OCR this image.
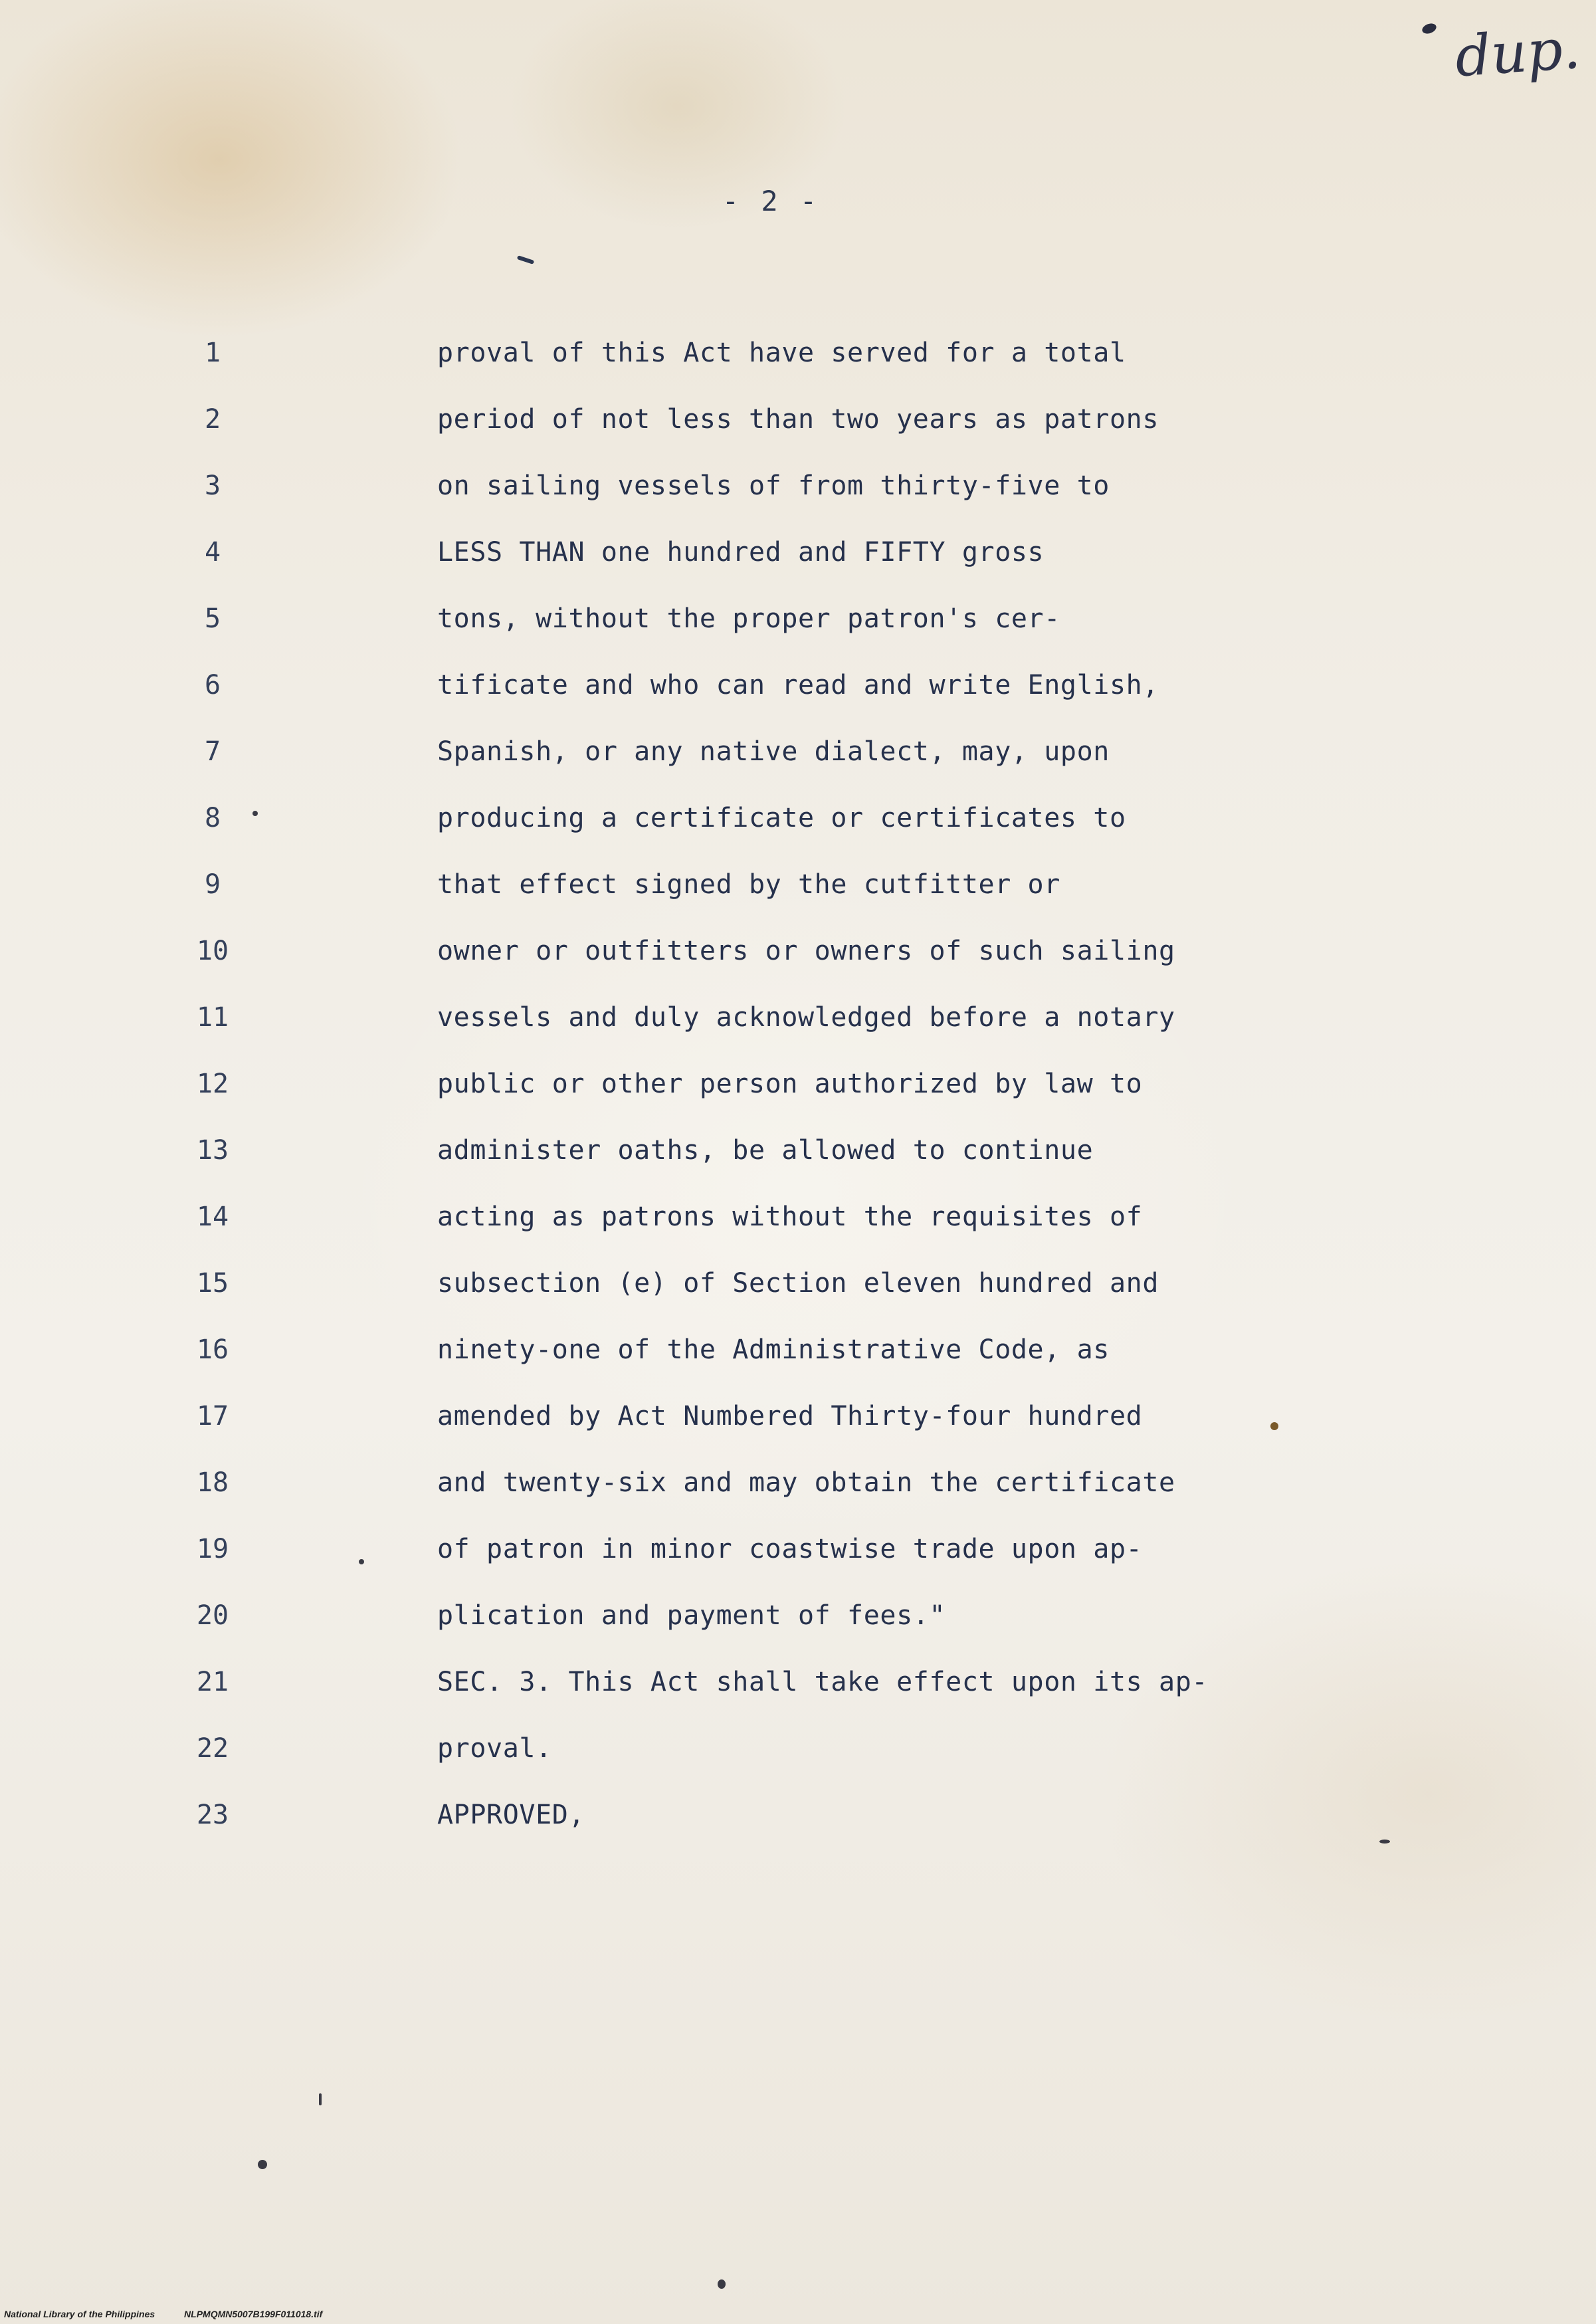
dup.
- 2 -
1	proval of this Act have served for a total
2	period of not less than two years as patrons
3	on sailing vessels of from thirty-five to
4	LESS THAN one hundred and FIFTY gross
5	tons, without the proper patron's cer-
6	tificate and who can read and write English,
7	Spanish, or any native dialect, may, upon
8	producing a certificate or certificates to
9	that effect signed by the cutfitter or
10	owner or outfitters or owners of such sailing
11	vessels and duly acknowledged before a notary
12	public or other person authorized by law to
13	administer oaths, be allowed to continue
14	acting as patrons without the requisites of
15	subsection (e) of Section eleven hundred and
16	ninety-one of the Administrative Code, as
17	amended by Act Numbered Thirty-four hundred
18	and twenty-six and may obtain the certificate
19	of patron in minor coastwise trade upon ap-
20	plication and payment of fees."
21	SEC. 3. This Act shall take effect upon its ap-
22	proval.
23	APPROVED,
National Library of the Philippines	NLPMQMN5007B199F011018.tif
